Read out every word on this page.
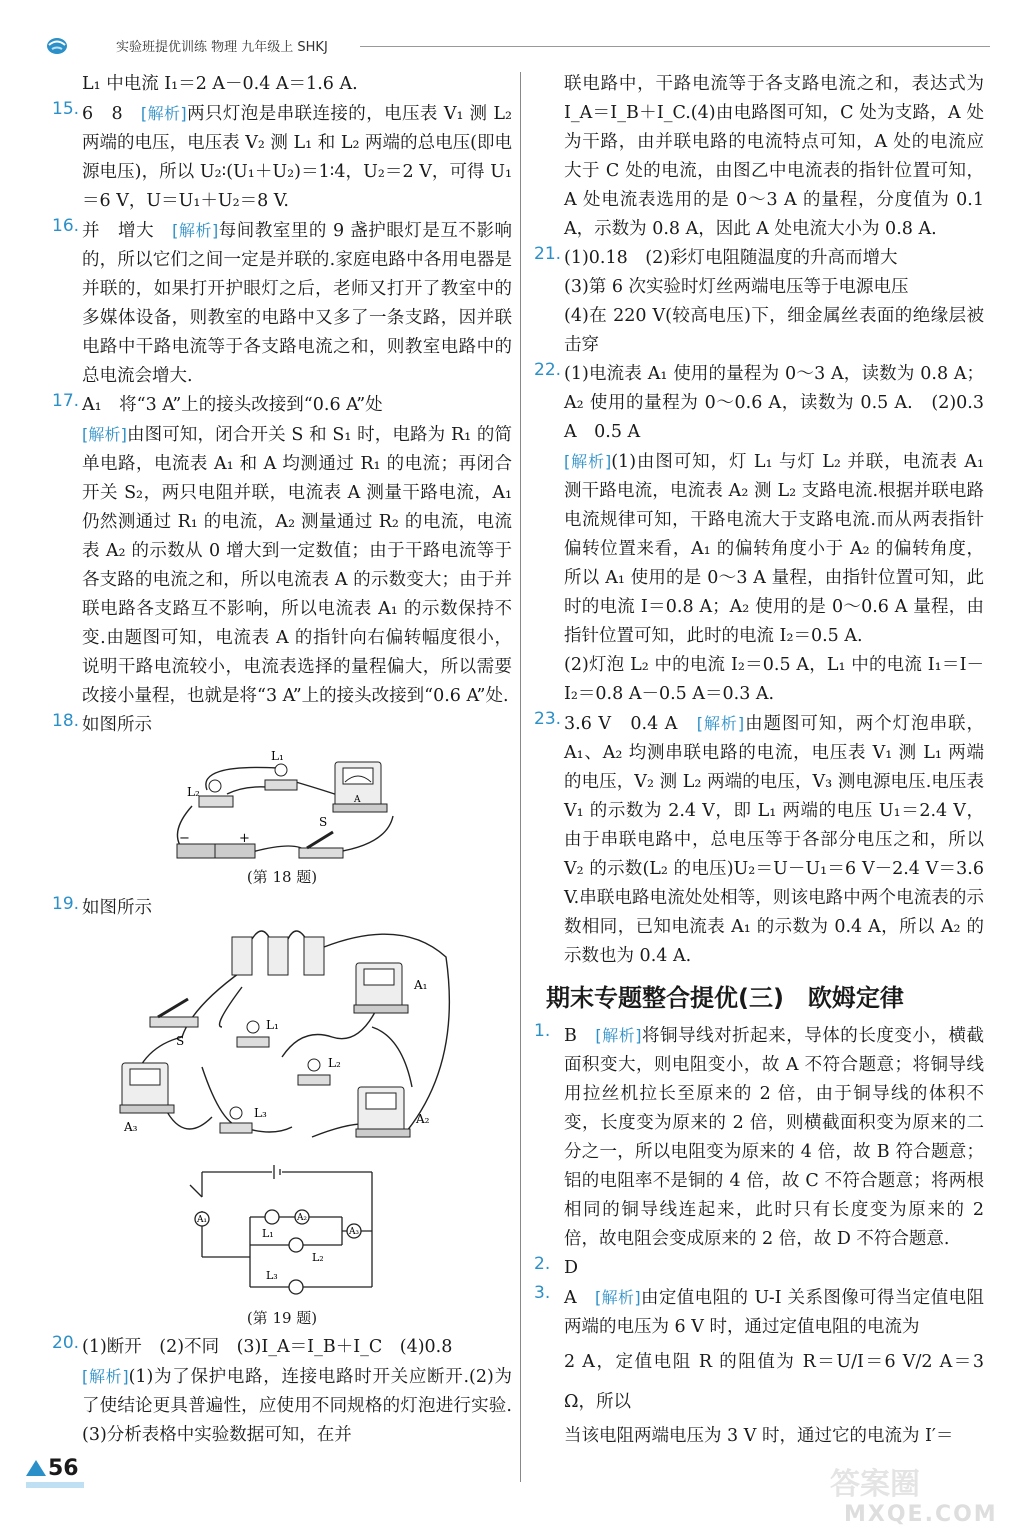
实验班提优训练 物理 九年级上 SHKJ

L₁ 中电流 I₁＝2 A－0.4 A＝1.6 A.

15. 6　8　[解析]两只灯泡是串联连接的，电压表 V₁ 测 L₂ 两端的电压，电压表 V₂ 测 L₁ 和 L₂ 两端的总电压(即电源电压)，所以 U₂∶(U₁＋U₂)＝1∶4，U₂＝2 V，可得 U₁＝6 V，U＝U₁＋U₂＝8 V.

16. 并　增大　[解析]每间教室里的 9 盏护眼灯是互不影响的，所以它们之间一定是并联的.家庭电路中各用电器是并联的，如果打开护眼灯之后，老师又打开了教室中的多媒体设备，则教室的电路中又多了一条支路，因并联电路中干路电流等于各支路电流之和，则教室电路中的总电流会增大.

17. A₁　将“3 A”上的接头改接到“0.6 A”处

[解析]由图可知，闭合开关 S 和 S₁ 时，电路为 R₁ 的简单电路，电流表 A₁ 和 A 均测通过 R₁ 的电流；再闭合开关 S₂，两只电阻并联，电流表 A 测量干路电流，A₁ 仍然测通过 R₁ 的电流，A₂ 测量通过 R₂ 的电流，电流表 A₂ 的示数从 0 增大到一定数值；由于干路电流等于各支路的电流之和，所以电流表 A 的示数变大；由于并联电路各支路互不影响，所以电流表 A₁ 的示数保持不变.由题图可知，电流表 A 的指针向右偏转幅度很小，说明干路电流较小，电流表选择的量程偏大，所以需要改接小量程，也就是将“3 A”上的接头改接到“0.6 A”处.

18. 如图所示

L₁
L₂
−	+
S
A
(第 18 题)
19. 如图所示

A₁
A₂
A₃
L₁
L₂
L₃
S
A₁	A₂
A₃
L₁
L₂
L₃
(第 19 题)
20. (1)断开　(2)不同　(3)I_A＝I_B＋I_C　(4)0.8

[解析](1)为了保护电路，连接电路时开关应断开.(2)为了使结论更具普遍性，应使用不同规格的灯泡进行实验.(3)分析表格中实验数据可知，在并

联电路中，干路电流等于各支路电流之和，表达式为 I_A＝I_B＋I_C.(4)由电路图可知，C 处为支路，A 处为干路，由并联电路的电流特点可知，A 处的电流应大于 C 处的电流，由图乙中电流表的指针位置可知，A 处电流表选用的是 0～3 A 的量程，分度值为 0.1 A，示数为 0.8 A，因此 A 处电流大小为 0.8 A.

21. (1)0.18　(2)彩灯电阻随温度的升高而增大

(3)第 6 次实验时灯丝两端电压等于电源电压

(4)在 220 V(较高电压)下，细金属丝表面的绝缘层被击穿

22. (1)电流表 A₁ 使用的量程为 0～3 A，读数为 0.8 A；A₂ 使用的量程为 0～0.6 A，读数为 0.5 A.　(2)0.3 A　0.5 A

[解析](1)由图可知，灯 L₁ 与灯 L₂ 并联，电流表 A₁ 测干路电流，电流表 A₂ 测 L₂ 支路电流.根据并联电路电流规律可知，干路电流大于支路电流.而从两表指针偏转位置来看，A₁ 的偏转角度小于 A₂ 的偏转角度，所以 A₁ 使用的是 0～3 A 量程，由指针位置可知，此时的电流 I＝0.8 A；A₂ 使用的是 0～0.6 A 量程，由指针位置可知，此时的电流 I₂＝0.5 A.

(2)灯泡 L₂ 中的电流 I₂＝0.5 A，L₁ 中的电流 I₁＝I－I₂＝0.8 A－0.5 A＝0.3 A.

23. 3.6 V　0.4 A　[解析]由题图可知，两个灯泡串联，A₁、A₂ 均测串联电路的电流，电压表 V₁ 测 L₁ 两端的电压，V₂ 测 L₂ 两端的电压，V₃ 测电源电压.电压表 V₁ 的示数为 2.4 V，即 L₁ 两端的电压 U₁＝2.4 V，由于串联电路中，总电压等于各部分电压之和，所以 V₂ 的示数(L₂ 的电压)U₂＝U－U₁＝6 V－2.4 V＝3.6 V.串联电路电流处处相等，则该电路中两个电流表的示数相同，已知电流表 A₁ 的示数为 0.4 A，所以 A₂ 的示数也为 0.4 A.

期末专题整合提优(三)　欧姆定律
1. B　[解析]将铜导线对折起来，导体的长度变小，横截面积变大，则电阻变小，故 A 不符合题意；将铜导线用拉丝机拉长至原来的 2 倍，由于铜导线的体积不变，长度变为原来的 2 倍，则横截面积变为原来的二分之一，所以电阻变为原来的 4 倍，故 B 符合题意；铝的电阻率不是铜的 4 倍，故 C 不符合题意；将两根相同的铜导线连起来，此时只有长度变为原来的 2 倍，故电阻会变成原来的 2 倍，故 D 不符合题意.

2. D

3. A　[解析]由定值电阻的 U-I 关系图像可得当定值电阻两端的电压为 6 V 时，通过定值电阻的电流为

2 A，定值电阻 R 的阻值为 R＝U/I＝6 V/2 A＝3 Ω，所以

当该电阻两端电压为 3 V 时，通过它的电流为 I′＝

56	答案圈
MXQE.COM
